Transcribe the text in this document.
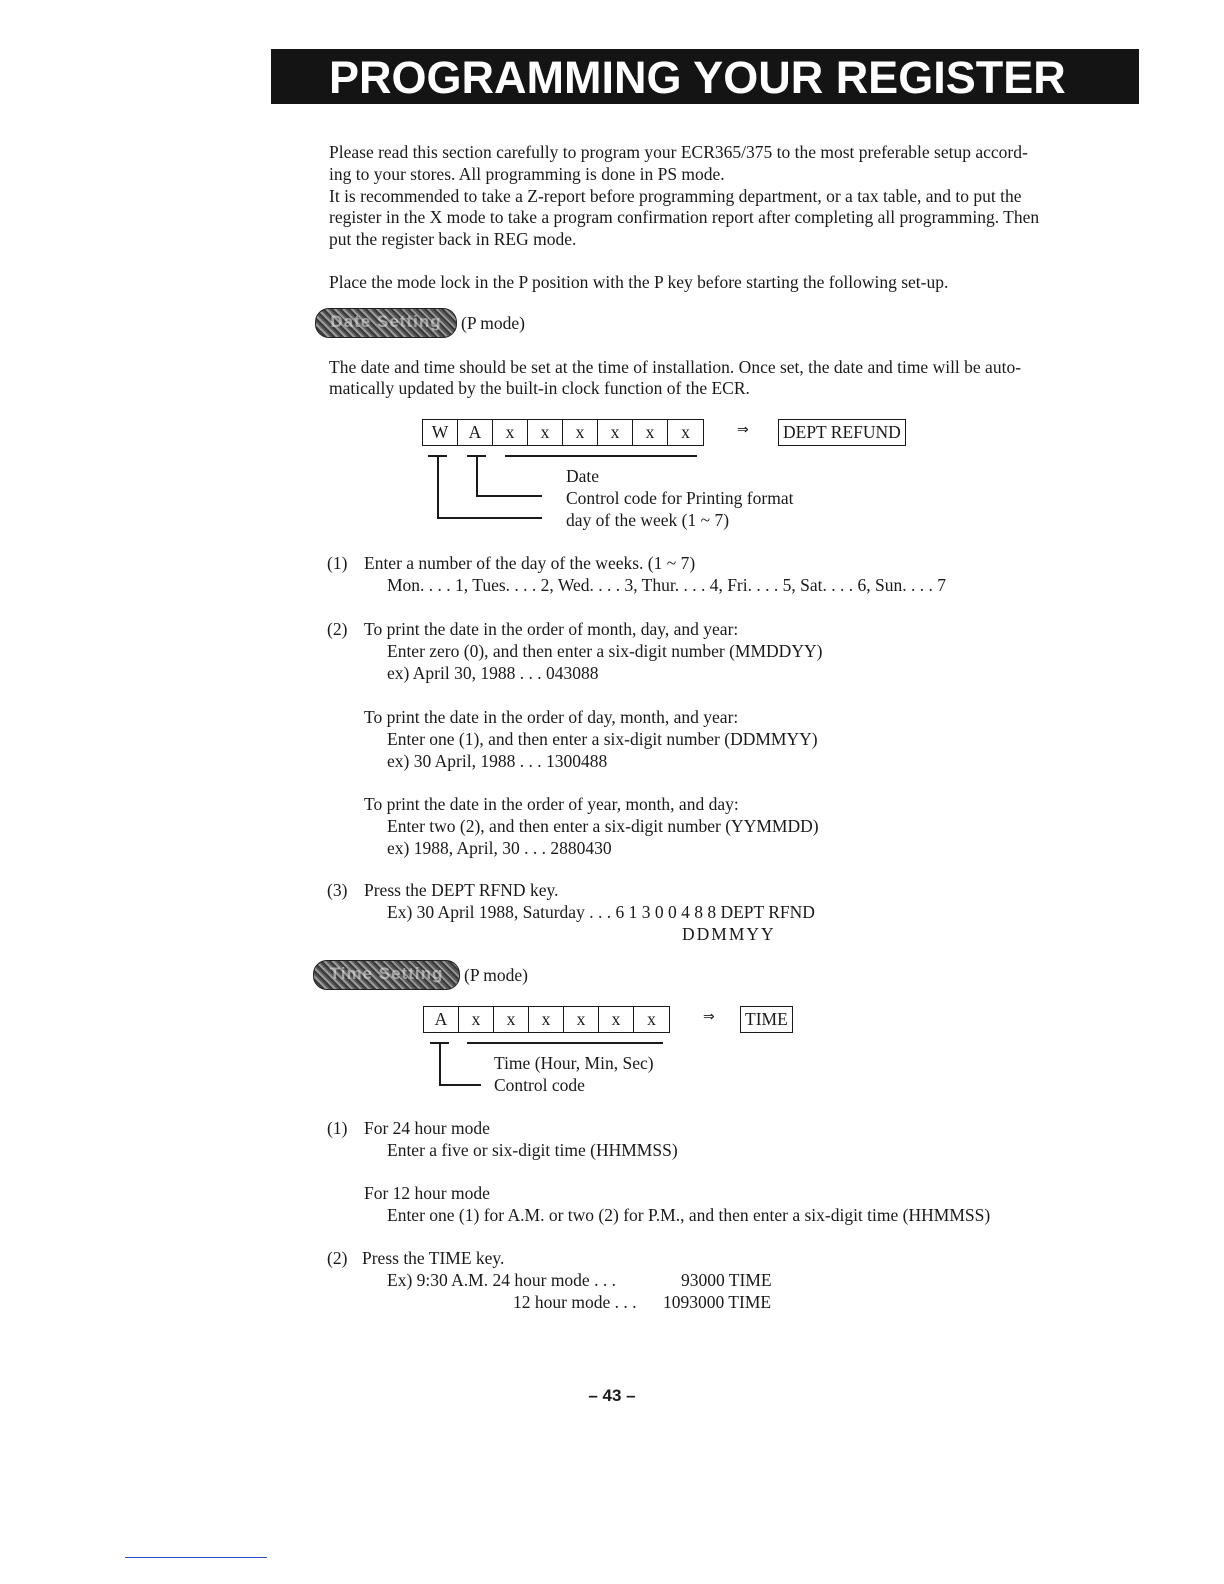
PROGRAMMING YOUR REGISTER
Please read this section carefully to program your ECR365/375 to the most preferable setup accord-
ing to your stores. All programming is done in PS mode.
It is recommended to take a Z-report before programming department, or a tax table, and to put the
register in the X mode to take a program confirmation report after completing all programming. Then
put the register back in REG mode.
Place the mode lock in the P position with the P key before starting the following set-up.
Date Setting	(P mode)
The date and time should be set at the time of installation. Once set, the date and time will be auto-
matically updated by the built-in clock function of the ECR.
W	A	x	x	x	x	x	x	⇒ DEPT REFUND
Date
Control code for Printing format
day of the week (1 ~ 7)
(1) Enter a number of the day of the weeks. (1 ~ 7)
Mon. . . . 1, Tues. . . . 2, Wed. . . . 3, Thur. . . . 4, Fri. . . . 5, Sat. . . . 6, Sun. . . . 7
(2) To print the date in the order of month, day, and year:
Enter zero (0), and then enter a six-digit number (MMDDYY)
ex) April 30, 1988 . . . 043088
To print the date in the order of day, month, and year:
Enter one (1), and then enter a six-digit number (DDMMYY)
ex) 30 April, 1988 . . . 1300488
To print the date in the order of year, month, and day:
Enter two (2), and then enter a six-digit number (YYMMDD)
ex) 1988, April, 30 . . . 2880430
(3) Press the DEPT RFND key.
Ex) 30 April 1988, Saturday . . . 6 1 3 0 0 4 8 8 DEPT RFND
DDMMYY
Time Setting	(P mode)
A	x	x	x	x	x	x	⇒ TIME
Time (Hour, Min, Sec)
Control code
(1) For 24 hour mode
Enter a five or six-digit time (HHMMSS)
For 12 hour mode
Enter one (1) for A.M. or two (2) for P.M., and then enter a six-digit time (HHMMSS)
(2) Press the TIME key.
Ex) 9:30 A.M. 24 hour mode . . .	93000 TIME
12 hour mode . . . 1093000 TIME
– 43 –
